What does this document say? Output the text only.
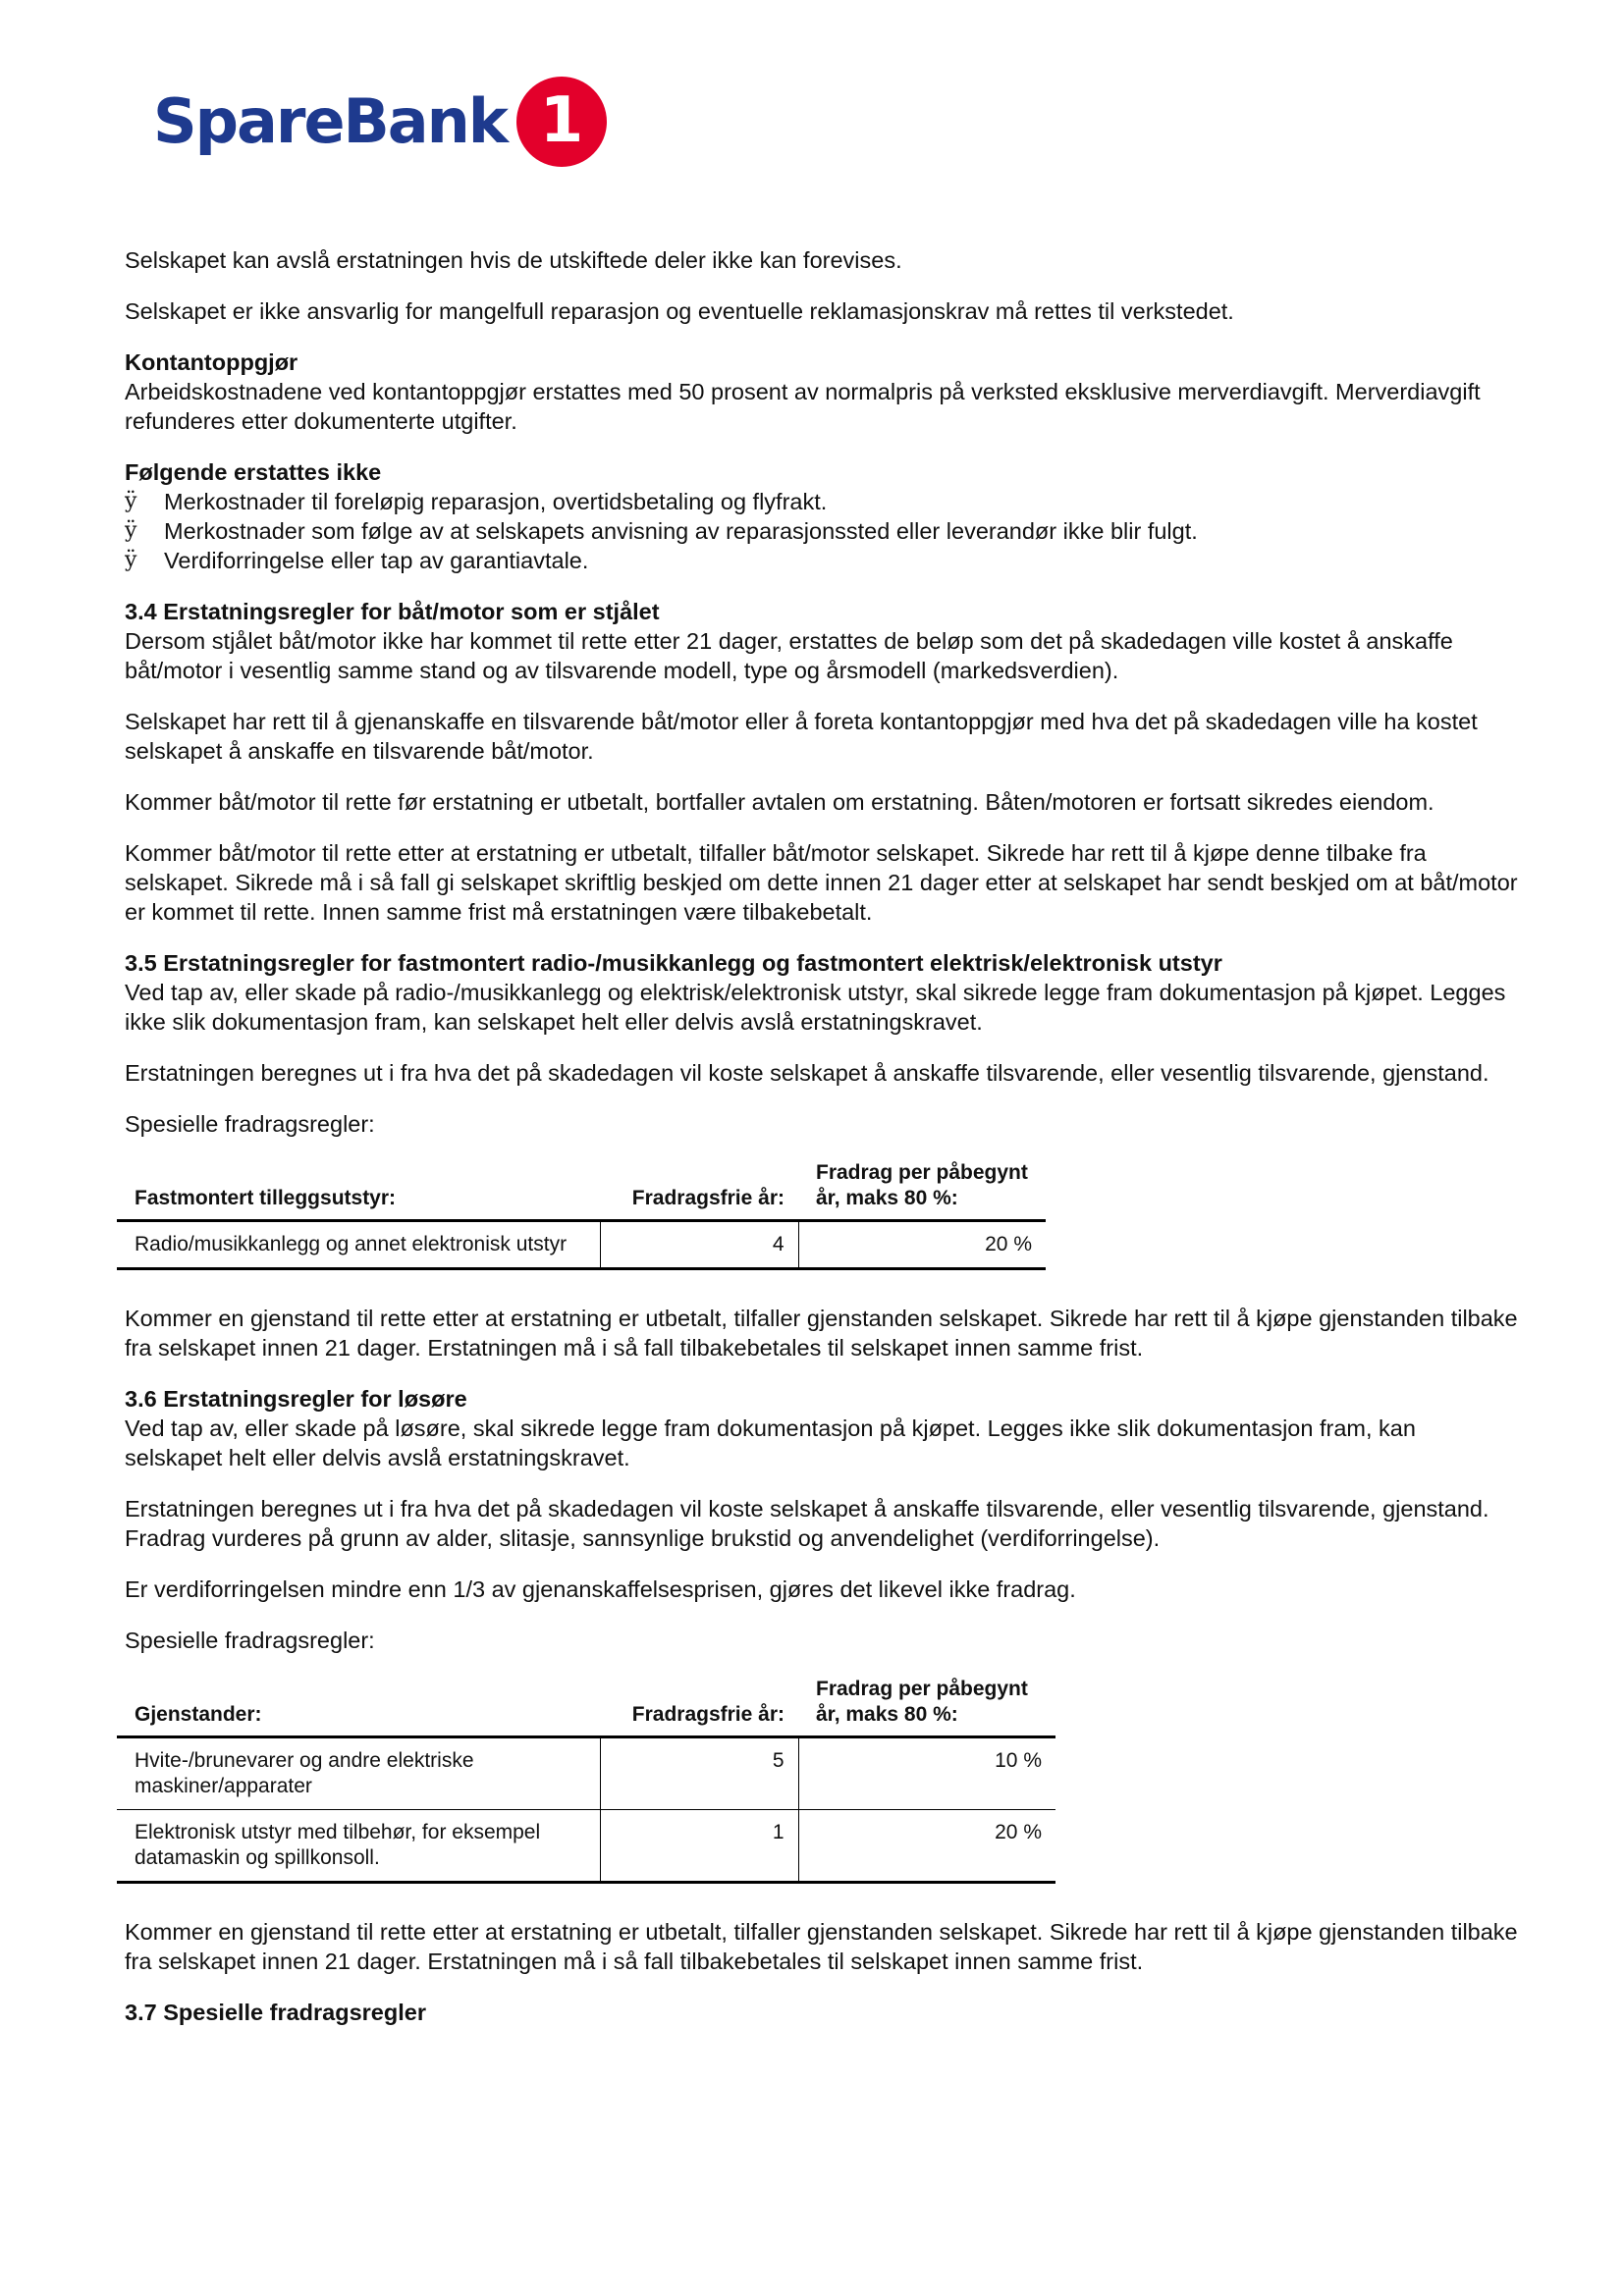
SpareBank 1

Selskapet kan avslå erstatningen hvis de utskiftede deler ikke kan forevises.

Selskapet er ikke ansvarlig for mangelfull reparasjon og eventuelle reklamasjonskrav må rettes til verkstedet.

Kontantoppgjør

Arbeidskostnadene ved kontantoppgjør erstattes med 50 prosent av normalpris på verksted eksklusive merverdiavgift. Merverdiavgift refunderes etter dokumenterte utgifter.

Følgende erstattes ikke
ÿ Merkostnader til foreløpig reparasjon, overtidsbetaling og flyfrakt.
ÿ Merkostnader som følge av at selskapets anvisning av reparasjonssted eller leverandør ikke blir fulgt.
ÿ Verdiforringelse eller tap av garantiavtale.
3.4 Erstatningsregler for båt/motor som er stjålet

Dersom stjålet båt/motor ikke har kommet til rette etter 21 dager, erstattes de beløp som det på skadedagen ville kostet å anskaffe båt/motor i vesentlig samme stand og av tilsvarende modell, type og årsmodell (markedsverdien).

Selskapet har rett til å gjenanskaffe en tilsvarende båt/motor eller å foreta kontantoppgjør med hva det på skadedagen ville ha kostet selskapet å anskaffe en tilsvarende båt/motor.

Kommer båt/motor til rette før erstatning er utbetalt, bortfaller avtalen om erstatning. Båten/motoren er fortsatt sikredes eiendom.

Kommer båt/motor til rette etter at erstatning er utbetalt, tilfaller båt/motor selskapet. Sikrede har rett til å kjøpe denne tilbake fra selskapet. Sikrede må i så fall gi selskapet skriftlig beskjed om dette innen 21 dager etter at selskapet har sendt beskjed om at båt/motor er kommet til rette. Innen samme frist må erstatningen være tilbakebetalt.

3.5 Erstatningsregler for fastmontert radio-/musikkanlegg og fastmontert elektrisk/elektronisk utstyr

Ved tap av, eller skade på radio-/musikkanlegg og elektrisk/elektronisk utstyr, skal sikrede legge fram dokumentasjon på kjøpet. Legges ikke slik dokumentasjon fram, kan selskapet helt eller delvis avslå erstatningskravet.

Erstatningen beregnes ut i fra hva det på skadedagen vil koste selskapet å anskaffe tilsvarende, eller vesentlig tilsvarende, gjenstand.

Spesielle fradragsregler:

Fastmontert tilleggsutstyr:	Fradragsfrie år:	Fradrag per påbegynt år, maks 80 %:
Radio/musikkanlegg og annet elektronisk utstyr	4	20 %

Kommer en gjenstand til rette etter at erstatning er utbetalt, tilfaller gjenstanden selskapet. Sikrede har rett til å kjøpe gjenstanden tilbake fra selskapet innen 21 dager. Erstatningen må i så fall tilbakebetales til selskapet innen samme frist.

3.6 Erstatningsregler for løsøre

Ved tap av, eller skade på løsøre, skal sikrede legge fram dokumentasjon på kjøpet. Legges ikke slik dokumentasjon fram, kan selskapet helt eller delvis avslå erstatningskravet.

Erstatningen beregnes ut i fra hva det på skadedagen vil koste selskapet å anskaffe tilsvarende, eller vesentlig tilsvarende, gjenstand. Fradrag vurderes på grunn av alder, slitasje, sannsynlige brukstid og anvendelighet (verdiforringelse).

Er verdiforringelsen mindre enn 1/3 av gjenanskaffelsesprisen, gjøres det likevel ikke fradrag.

Spesielle fradragsregler:

Gjenstander:	Fradragsfrie år:	Fradrag per påbegynt år, maks 80 %:
Hvite-/brunevarer og andre elektriske maskiner/apparater	5	10 %
Elektronisk utstyr med tilbehør, for eksempel datamaskin og spillkonsoll.	1	20 %

Kommer en gjenstand til rette etter at erstatning er utbetalt, tilfaller gjenstanden selskapet. Sikrede har rett til å kjøpe gjenstanden tilbake fra selskapet innen 21 dager. Erstatningen må i så fall tilbakebetales til selskapet innen samme frist.

3.7 Spesielle fradragsregler
